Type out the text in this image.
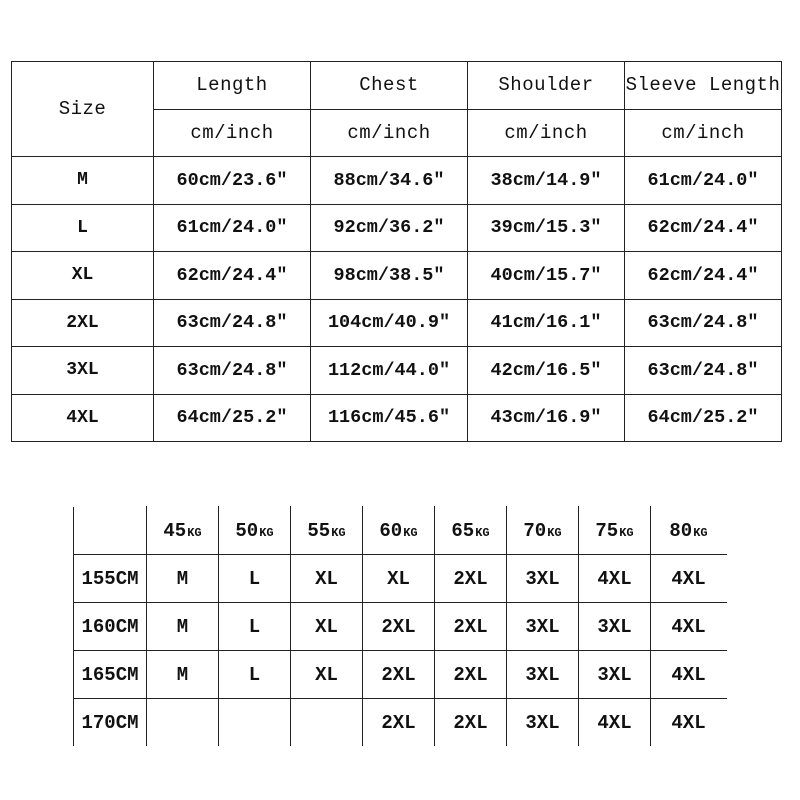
Size	Length	Chest	Shoulder	Sleeve Length
	cm/inch	cm/inch	cm/inch	cm/inch
M	60cm/23.6″	88cm/34.6″	38cm/14.9″	61cm/24.0″
L	61cm/24.0″	92cm/36.2″	39cm/15.3″	62cm/24.4″
XL	62cm/24.4″	98cm/38.5″	40cm/15.7″	62cm/24.4″
2XL	63cm/24.8″	104cm/40.9″	41cm/16.1″	63cm/24.8″
3XL	63cm/24.8″	112cm/44.0″	42cm/16.5″	63cm/24.8″
4XL	64cm/25.2″	116cm/45.6″	43cm/16.9″	64cm/25.2″
	45KG	50KG	55KG	60KG	65KG	70KG	75KG	80KG
155CM	M	L	XL	XL	2XL	3XL	4XL	4XL
160CM	M	L	XL	2XL	2XL	3XL	3XL	4XL
165CM	M	L	XL	2XL	2XL	3XL	3XL	4XL
170CM				2XL	2XL	3XL	4XL	4XL
